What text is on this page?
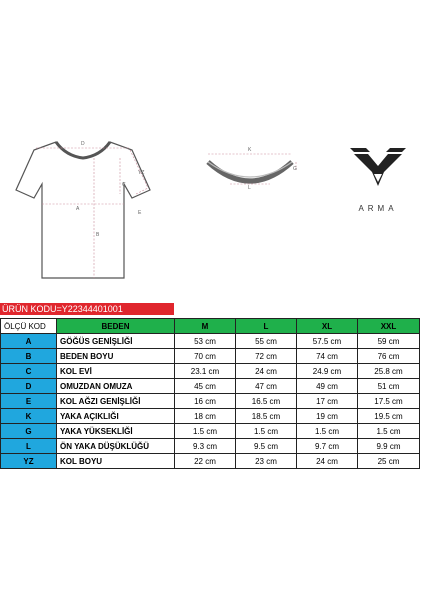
D
YZ
C
A
E
B
K
L
G
ARMA
ÜRÜN KODU=Y22344401001
ÖLÇÜ KOD	BEDEN	M	L	XL	XXL
A	GÖĞÜS GENİŞLİĞİ	53 cm	55 cm	57.5 cm	59 cm
B	BEDEN BOYU	70 cm	72 cm	74 cm	76 cm
C	KOL EVİ	23.1 cm	24 cm	24.9 cm	25.8 cm
D	OMUZDAN OMUZA	45 cm	47 cm	49 cm	51 cm
E	KOL AĞZI GENİŞLİĞİ	16 cm	16.5 cm	17 cm	17.5 cm
K	YAKA AÇIKLIĞI	18 cm	18.5 cm	19 cm	19.5 cm
G	YAKA YÜKSEKLİĞİ	1.5 cm	1.5 cm	1.5 cm	1.5 cm
L	ÖN YAKA DÜŞÜKLÜĞÜ	9.3 cm	9.5 cm	9.7 cm	9.9 cm
YZ	KOL BOYU	22 cm	23 cm	24 cm	25 cm
